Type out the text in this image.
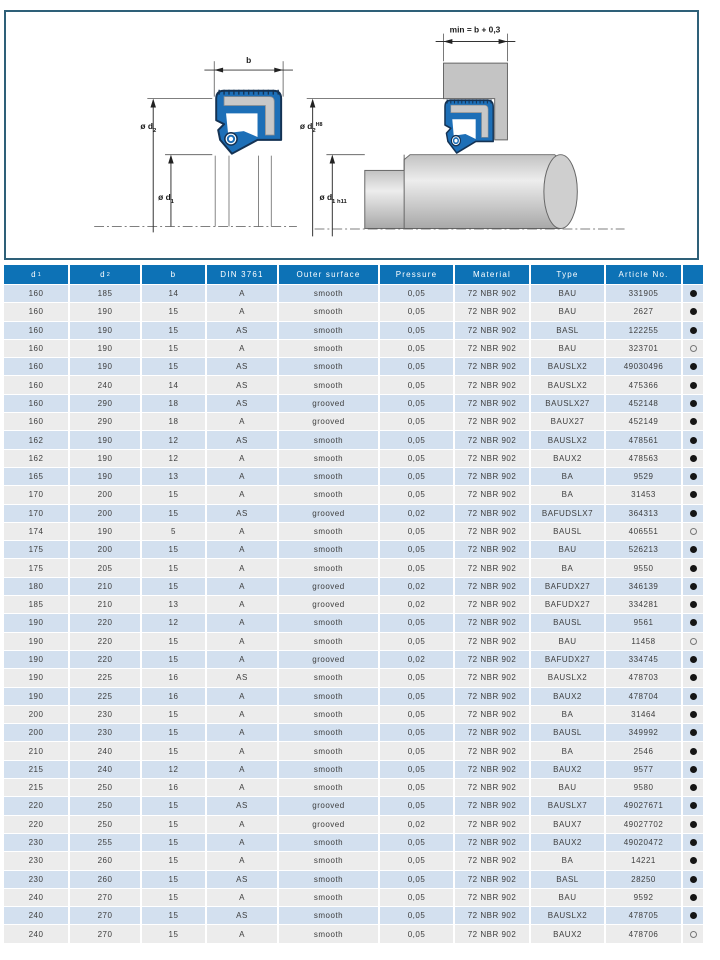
b
ø $d_2$
ø $d_1$
min = b + 0,3
ø $d_2^{H8}$
ø $d_{1 h11}$
d 1	d 2	b	DIN 3761	Outer surface	Pressure	Material	Type	Article No.
160	185	14	A	smooth	0,05	72 NBR 902	BAU	331905
160	190	15	A	smooth	0,05	72 NBR 902	BAU	2627
160	190	15	AS	smooth	0,05	72 NBR 902	BASL	122255
160	190	15	A	smooth	0,05	72 NBR 902	BAU	323701
160	190	15	AS	smooth	0,05	72 NBR 902	BAUSLX2	49030496
160	240	14	AS	smooth	0,05	72 NBR 902	BAUSLX2	475366
160	290	18	AS	grooved	0,05	72 NBR 902	BAUSLX27	452148
160	290	18	A	grooved	0,05	72 NBR 902	BAUX27	452149
162	190	12	AS	smooth	0,05	72 NBR 902	BAUSLX2	478561
162	190	12	A	smooth	0,05	72 NBR 902	BAUX2	478563
165	190	13	A	smooth	0,05	72 NBR 902	BA	9529
170	200	15	A	smooth	0,05	72 NBR 902	BA	31453
170	200	15	AS	grooved	0,02	72 NBR 902	BAFUDSLX7	364313
174	190	5	A	smooth	0,05	72 NBR 902	BAUSL	406551
175	200	15	A	smooth	0,05	72 NBR 902	BAU	526213
175	205	15	A	smooth	0,05	72 NBR 902	BA	9550
180	210	15	A	grooved	0,02	72 NBR 902	BAFUDX27	346139
185	210	13	A	grooved	0,02	72 NBR 902	BAFUDX27	334281
190	220	12	A	smooth	0,05	72 NBR 902	BAUSL	9561
190	220	15	A	smooth	0,05	72 NBR 902	BAU	11458
190	220	15	A	grooved	0,02	72 NBR 902	BAFUDX27	334745
190	225	16	AS	smooth	0,05	72 NBR 902	BAUSLX2	478703
190	225	16	A	smooth	0,05	72 NBR 902	BAUX2	478704
200	230	15	A	smooth	0,05	72 NBR 902	BA	31464
200	230	15	A	smooth	0,05	72 NBR 902	BAUSL	349992
210	240	15	A	smooth	0,05	72 NBR 902	BA	2546
215	240	12	A	smooth	0,05	72 NBR 902	BAUX2	9577
215	250	16	A	smooth	0,05	72 NBR 902	BAU	9580
220	250	15	AS	grooved	0,05	72 NBR 902	BAUSLX7	49027671
220	250	15	A	grooved	0,02	72 NBR 902	BAUX7	49027702
230	255	15	A	smooth	0,05	72 NBR 902	BAUX2	49020472
230	260	15	A	smooth	0,05	72 NBR 902	BA	14221
230	260	15	AS	smooth	0,05	72 NBR 902	BASL	28250
240	270	15	A	smooth	0,05	72 NBR 902	BAU	9592
240	270	15	AS	smooth	0,05	72 NBR 902	BAUSLX2	478705
240	270	15	A	smooth	0,05	72 NBR 902	BAUX2	478706
